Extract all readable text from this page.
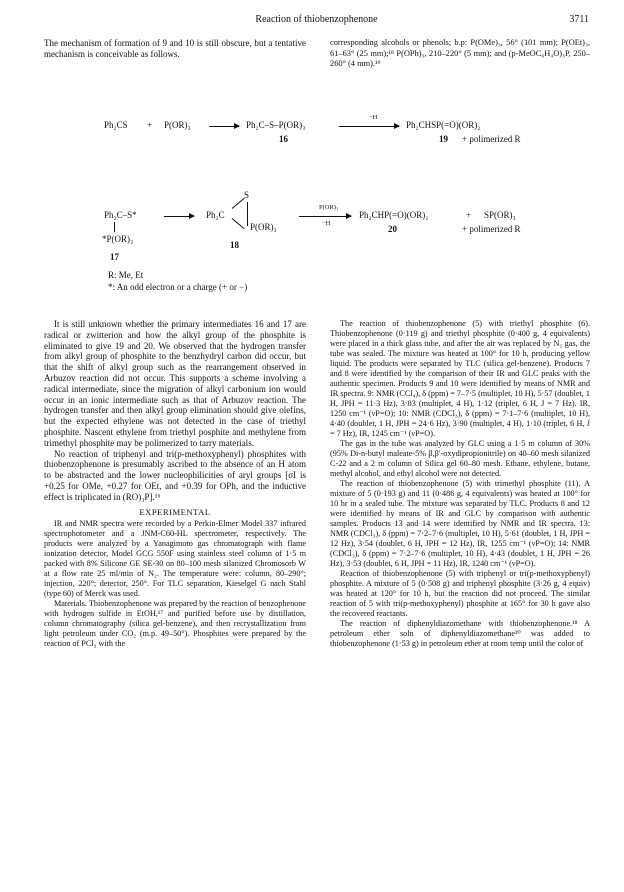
Reaction of thiobenzophenone	3711

The mechanism of formation of 9 and 10 is still obscure, but a tentative mechanism is conceivable as follows.

corresponding alcohols or phenols; b.p: P(OMe)₃, 56° (101 mm); P(OEt)₃, 61–63° (25 mm);¹⁸ P(OPh)₃, 210–220° (5 mm); and (p-MeOC₆H₄O)₃P, 250–260° (4 mm).¹⁹

Ph₂CS + P(OR)₃ → Ph₂C–S–P(OR)₃
16
−H
Ph₂CHSP(=O)(OR)₂
19 + polimerized R
Ph₂C–S*
*P(OR)₃
17
→ Ph₂C
S
P(OR)₃
18
P(OR)₃
−H
Ph₂CHP(=O)(OR)₂
20
+ SP(OR)₃
+ polimerized R
R: Me, Et
*: An odd electron or a charge (+ or −)

It is still unknown whether the primary intermediates 16 and 17 are radical or zwitterion and how the alkyl group of the phosphite is eliminated to give 19 and 20. We observed that the hydrogen transfer from alkyl group of phosphite to the benzhydryl carbon did occur, but that the shift of alkyl group such as the rearrangement observed in Arbuzov reaction did not occur. This supports a scheme involving a radical intermediate, since the migration of alkyl carbonium ion would occur in an ionic intermediate such as that of Arbuzov reaction. The hydrogen transfer and then alkyl group elimination should give olefins, but the expected ethylene was not detected in the case of triethyl phosphite. Nascent ethylene from triethyl posphite and methylene from trimethyl phosphite may be polimerized to tarry materials.

No reaction of triphenyl and tri(p-methoxyphenyl) phosphites with thiobenzophenone is presumably ascribed to the absence of an H atom to be abstracted and the lower nucleophilicities of aryl groups [σI is +0.25 for OMe, +0.27 for OEt, and +0.39 for OPh, and the inductive effect is triplicated in (RO)₃P].¹⁶

EXPERIMENTAL

IR and NMR spectra were recorded by a Perkin-Elmer Model 337 infrared spectrophotometer and a JNM-C60-HL spectrometer, respectively. The products were analyzed by a Yanagimoto gas chromatograph with flame ionization detector, Model GCG 550F using stainless steel column of 1·5 m packed with 8% Silicone GE SE-30 on 80–100 mesh silanized Chromosorb W at a flow rate 25 ml/min of N₂. The temperature were: column, 80–290°; injection, 220°; detector, 250°. For TLC separation, Kieselgel G nach Stahl (type 60) of Merck was used.

Materials. Thiobenzophenone was prepared by the reaction of benzophenone with hydrogen sulfide in EtOH,¹⁷ and purified before use by distillation, column chromatography (silica gel-benzene), and then recrystallization from light petroleum under CO₂ (m.p. 49–50°). Phosphites were prepared by the reaction of PCl₃ with the

The reaction of thiobenzophenone (5) with triethyl phosphite (6). Thiobenzophenone (0·119 g) and triethyl phosphite (0·400 g, 4 equivalents) were placed in a thick glass tube, and after the air was replaced by N₂ gas, the tube was sealed. The mixture was heated at 100° for 10 h, producing yellow liquid. The products were separated by TLC (silica gel-benzene). Products 7 and 8 were identified by the comparison of their IR and GLC peaks with the authentic specimen. Products 9 and 10 were identified by means of NMR and IR spectra. 9: NMR (CCl₄), δ (ppm) = 7–7·5 (multiplet, 10 H), 5·57 (doublet, 1 H, JPH = 11·3 Hz), 3·83 (multiplet, 4 H), 1·12 (triplet, 6 H, J = 7 Hz). IR, 1250 cm⁻¹ (νP=O); 10: NMR (CDCl₃), δ (ppm) = 7·1–7·6 (multiplet, 10 H), 4·40 (doublet, 1 H, JPH = 24·6 Hz), 3·90 (multiplet, 4 H), 1·10 (triplet, 6 H, J = 7 Hz), IR, 1245 cm⁻¹ (νP=O).

The gas in the tube was analyzed by GLC using a 1·5 m column of 30% (95% Di-n-butyl maleate-5% β,β′-oxydipropionitrile) on 40–60 mesh silanized C-22 and a 2 m column of Silica gel 60–80 mesh. Ethane, ethylene, butane, methyl alcohol, and ethyl alcohol were not detected.

The reaction of thiobenzophenone (5) with trimethyl phosphite (11). A mixture of 5 (0·193 g) and 11 (0·486 g, 4 equivalents) was heated at 100° for 10 hr in a sealed tube. The mixture was separated by TLC. Products 8 and 12 were identified by means of IR and GLC by comparison with authentic samples. Products 13 and 14 were identified by NMR and IR spectra. 13: NMR (CDCl₃), δ (ppm) = 7·2–7·6 (multiplet, 10 H), 5·61 (doublet, 1 H, JPH = 12 Hz), 3·54 (doublet, 6 H, JPH = 12 Hz), IR, 1255 cm⁻¹ (νP=O); 14: NMR (CDCl₃), δ (ppm) = 7·2–7·6 (multiplet, 10 H), 4·43 (doublet, 1 H, JPH = 26 Hz), 3·53 (doublet, 6 H, JPH = 11 Hz), IR, 1240 cm⁻¹ (νP=O).

Reaction of thiobenzophenone (5) with triphenyl or tri(p-methoxyphenyl) phosphite. A mixture of 5 (0·508 g) and triphenyl phosphite (3·26 g, 4 equiv) was heated at 120° for 10 h, but the reaction did not proceed. The similar reaction of 5 with tri(p-methoxyphenyl) phosphite at 165° for 30 h gave also the recovered reactants.

The reaction of diphenyldiazomethane with thiobenzophenone.¹⁸ A petroleum ether soln of diphenyldiazomethane²⁰ was added to thiobenzophenone (1·53 g) in petroleum ether at room temp until the color of
